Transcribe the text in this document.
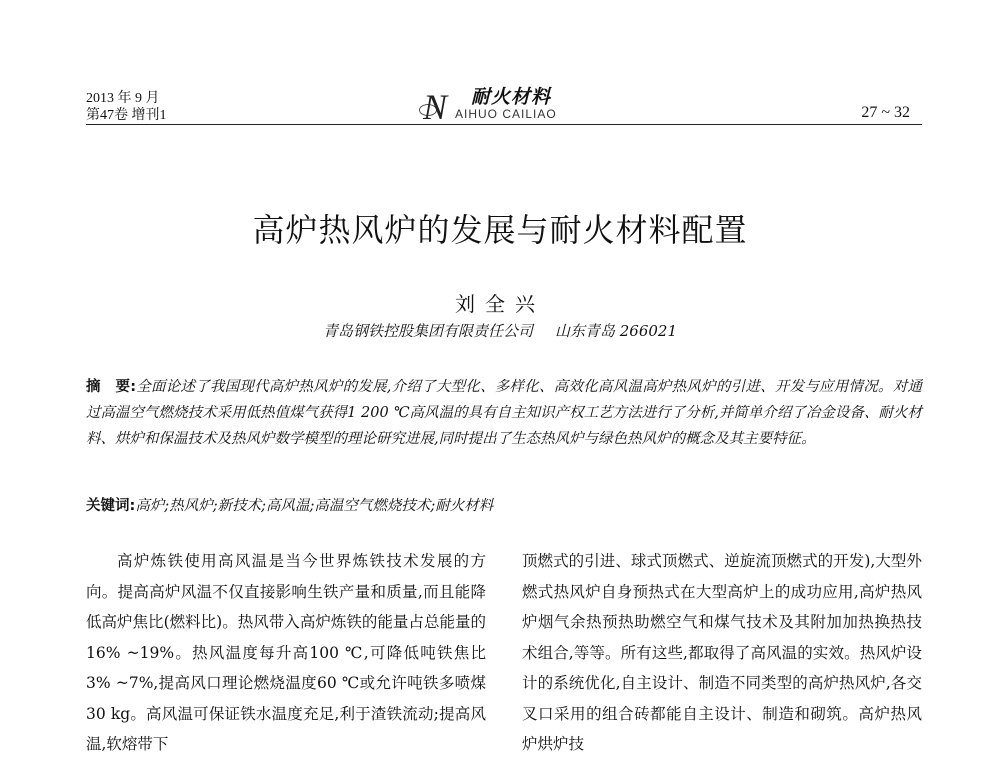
2013 年 9 月
第47卷 增刊1	N 耐火材料
AIHUO CAILIAO	27 ~ 32
高炉热风炉的发展与耐火材料配置
刘全兴
青岛钢铁控股集团有限责任公司 山东青岛 266021
摘　要:全面论述了我国现代高炉热风炉的发展,介绍了大型化、多样化、高效化高风温高炉热风炉的引进、开发与应用情况。对通过高温空气燃烧技术采用低热值煤气获得1 200 ℃高风温的具有自主知识产权工艺方法进行了分析,并简单介绍了冶金设备、耐火材料、烘炉和保温技术及热风炉数学模型的理论研究进展,同时提出了生态热风炉与绿色热风炉的概念及其主要特征。
关键词:高炉;热风炉;新技术;高风温;高温空气燃烧技术;耐火材料

高炉炼铁使用高风温是当今世界炼铁技术发展的方向。提高高炉风温不仅直接影响生铁产量和质量,而且能降低高炉焦比(燃料比)。热风带入高炉炼铁的能量占总能量的16% ~19%。热风温度每升高100 ℃,可降低吨铁焦比3% ~7%,提高风口理论燃烧温度60 ℃或允许吨铁多喷煤30 kg。高风温可保证铁水温度充足,利于渣铁流动;提高风温,软熔带下

顶燃式的引进、球式顶燃式、逆旋流顶燃式的开发),大型外燃式热风炉自身预热式在大型高炉上的成功应用,高炉热风炉烟气余热预热助燃空气和煤气技术及其附加加热换热技术组合,等等。所有这些,都取得了高风温的实效。热风炉设计的系统优化,自主设计、制造不同类型的高炉热风炉,各交叉口采用的组合砖都能自主设计、制造和砌筑。高炉热风炉烘炉技
